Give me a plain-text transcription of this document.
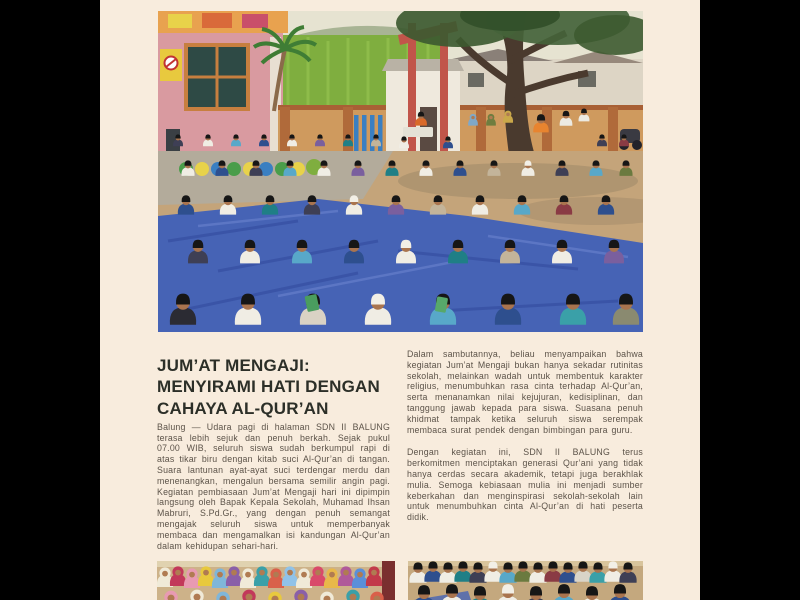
JUM’AT MENGAJI:
MENYIRAMI HATI DENGAN
CAHAYA AL-QUR’AN

Balung — Udara pagi di halaman SDN II BALUNG terasa lebih sejuk dan penuh berkah. Sejak pukul 07.00 WIB, seluruh siswa sudah berkumpul rapi di atas tikar biru dengan kitab suci Al-Qur’an di tangan. Suara lantunan ayat-ayat suci terdengar merdu dan menenangkan, mengalun bersama semilir angin pagi. Kegiatan pembiasaan Jum’at Mengaji hari ini dipimpin langsung oleh Bapak Kepala Sekolah, Muhamad Ihsan Mabruri, S.Pd.Gr., yang dengan penuh semangat mengajak seluruh siswa untuk memperbanyak membaca dan mengamalkan isi kandungan Al-Qur’an dalam kehidupan sehari-hari.

Dalam sambutannya, beliau menyampaikan bahwa kegiatan Jum’at Mengaji bukan hanya sekadar rutinitas sekolah, melainkan wadah untuk membentuk karakter religius, menumbuhkan rasa cinta terhadap Al-Qur’an, serta menanamkan nilai kejujuran, kedisiplinan, dan tanggung jawab kepada para siswa. Suasana penuh khidmat tampak ketika seluruh siswa serempak membaca surat pendek dengan bimbingan para guru.

Dengan kegiatan ini, SDN II BALUNG terus berkomitmen menciptakan generasi Qur’ani yang tidak hanya cerdas secara akademik, tetapi juga berakhlak mulia. Semoga kebiasaan mulia ini menjadi sumber keberkahan dan menginspirasi sekolah-sekolah lain untuk menumbuhkan cinta Al-Qur’an di hati peserta didik.
